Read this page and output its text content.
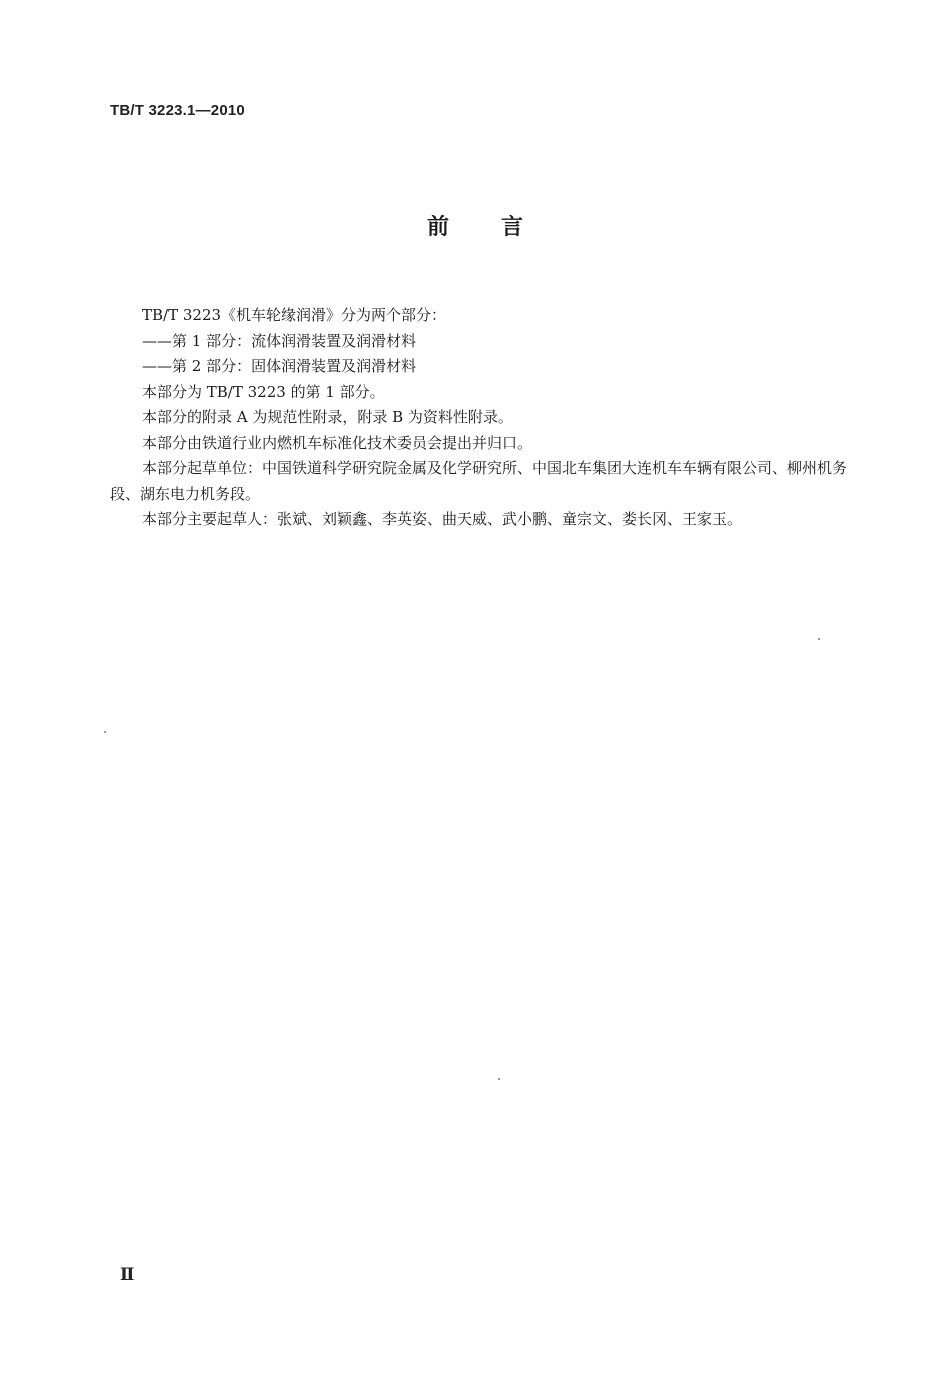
TB/T 3223.1—2010
前言

TB/T 3223《机车轮缘润滑》分为两个部分：

——第 1 部分：流体润滑装置及润滑材料

——第 2 部分：固体润滑装置及润滑材料

本部分为 TB/T 3223 的第 1 部分。

本部分的附录 A 为规范性附录，附录 B 为资料性附录。

本部分由铁道行业内燃机车标准化技术委员会提出并归口。

本部分起草单位：中国铁道科学研究院金属及化学研究所、中国北车集团大连机车车辆有限公司、柳州机务段、湖东电力机务段。

本部分主要起草人：张斌、刘颖鑫、李英姿、曲天威、武小鹏、童宗文、娄长冈、王家玉。

Ⅱ
